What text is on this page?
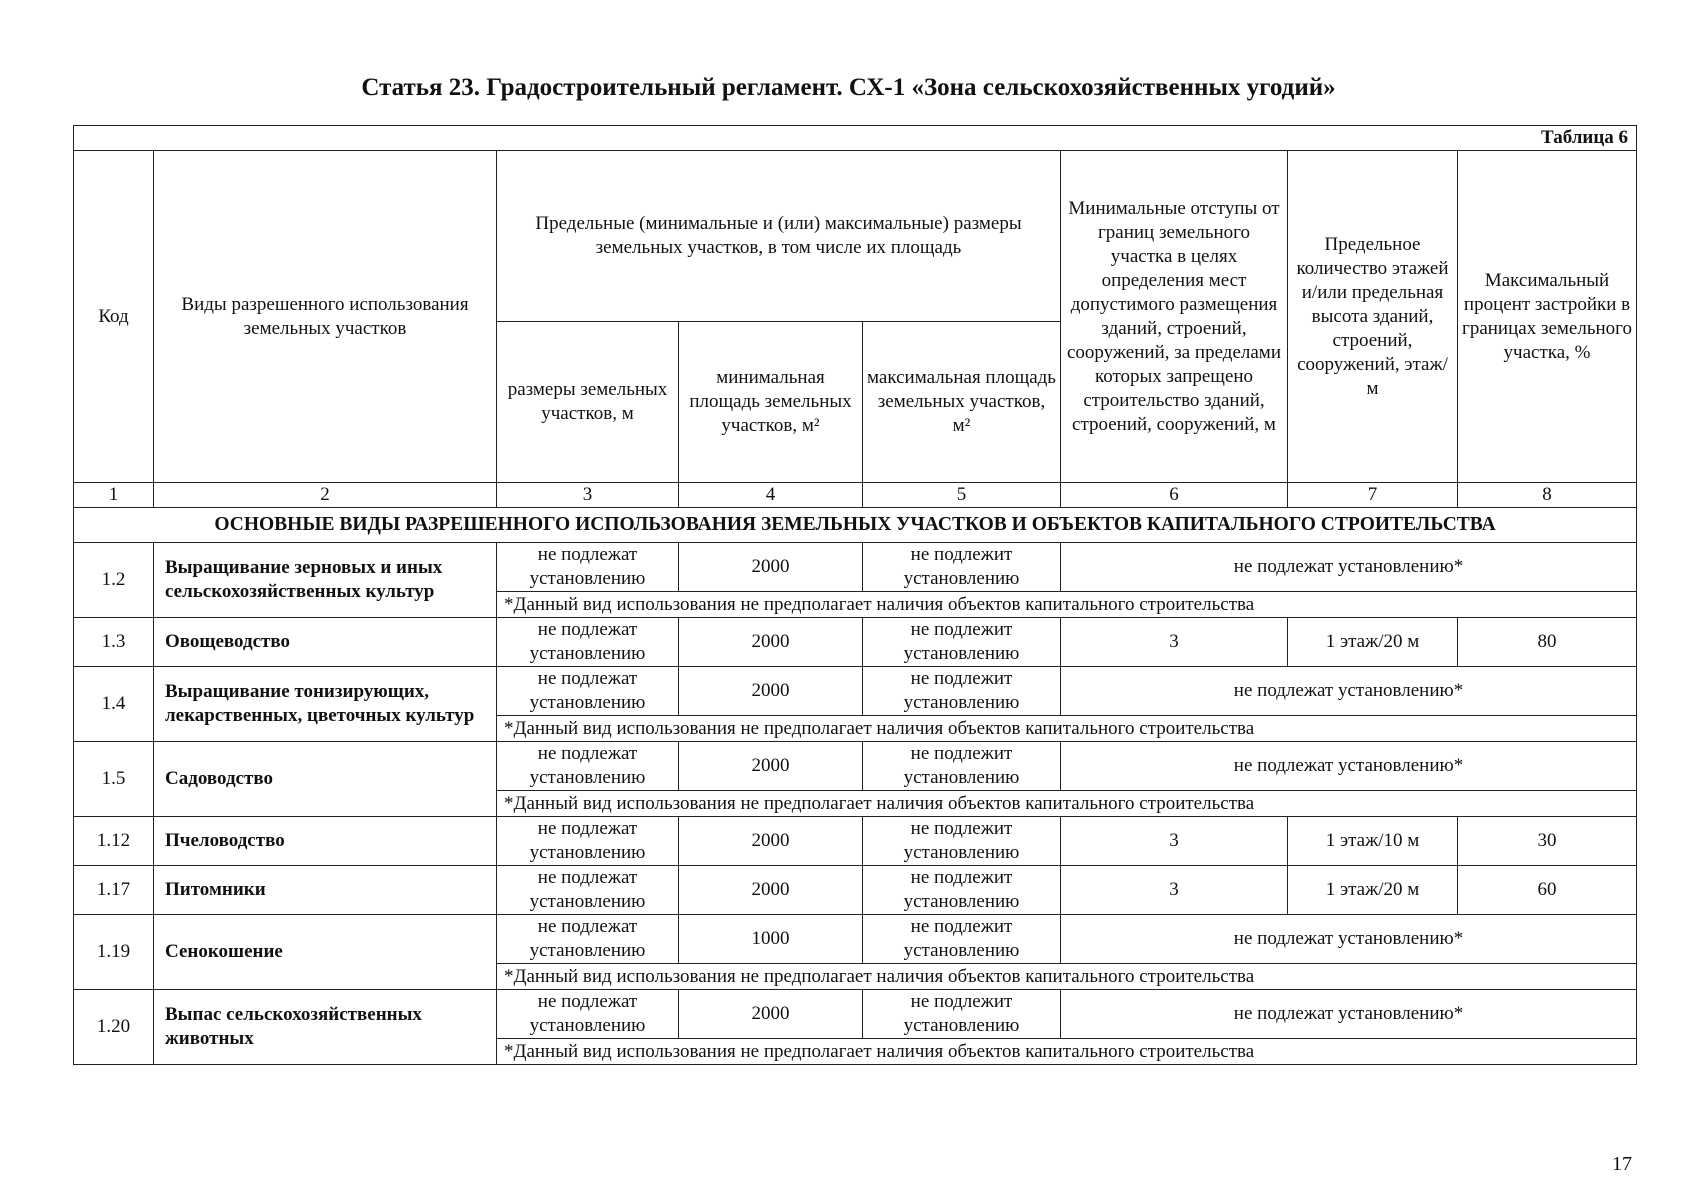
Статья 23. Градостроительный регламент. СХ-1 «Зона сельскохозяйственных угодий»
Таблица 6							
Код	Виды разрешенного использования земельных участков	Предельные (минимальные и (или) максимальные) размеры земельных участков, в том числе их площадь			Минимальные отступы от границ земельного участка в целях определения мест допустимого размещения зданий, строений, сооружений, за пределами которых запрещено строительство зданий, строений, сооружений, м	Предельное количество этажей и/или предельная высота зданий, строений, сооружений, этаж/м	Максимальный процент застройки в границах земельного участка, %
		размеры земельных участков, м	минимальная площадь земельных участков, м²	максимальная площадь земельных участков, м²			
1	2	3	4	5	6	7	8
ОСНОВНЫЕ ВИДЫ РАЗРЕШЕННОГО ИСПОЛЬЗОВАНИЯ ЗЕМЕЛЬНЫХ УЧАСТКОВ И ОБЪЕКТОВ КАПИТАЛЬНОГО СТРОИТЕЛЬСТВА							
1.2	Выращивание зерновых и иных сельскохозяйственных культур	не подлежат установлению	2000	не подлежит установлению	не подлежат установлению*		
		*Данный вид использования не предполагает наличия объектов капитального строительства					
1.3	Овощеводство	не подлежат установлению	2000	не подлежит установлению	3	1 этаж/20 м	80
1.4	Выращивание тонизирующих, лекарственных, цветочных культур	не подлежат установлению	2000	не подлежит установлению	не подлежат установлению*		
		*Данный вид использования не предполагает наличия объектов капитального строительства					
1.5	Садоводство	не подлежат установлению	2000	не подлежит установлению	не подлежат установлению*		
		*Данный вид использования не предполагает наличия объектов капитального строительства					
1.12	Пчеловодство	не подлежат установлению	2000	не подлежит установлению	3	1 этаж/10 м	30
1.17	Питомники	не подлежат установлению	2000	не подлежит установлению	3	1 этаж/20 м	60
1.19	Сенокошение	не подлежат установлению	1000	не подлежит установлению	не подлежат установлению*		
		*Данный вид использования не предполагает наличия объектов капитального строительства					
1.20	Выпас сельскохозяйственных животных	не подлежат установлению	2000	не подлежит установлению	не подлежат установлению*		
		*Данный вид использования не предполагает наличия объектов капитального строительства					
17
